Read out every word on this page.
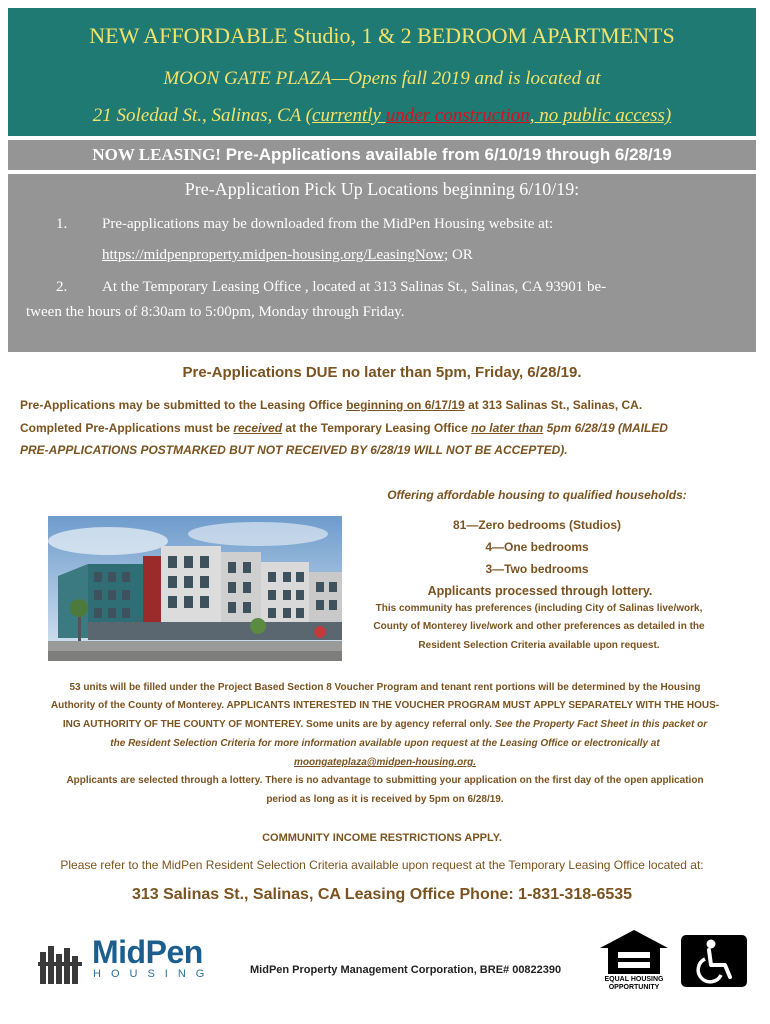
NEW AFFORDABLE Studio, 1 & 2 BEDROOM APARTMENTS
MOON GATE PLAZA—Opens fall 2019 and is located at
21 Soledad St., Salinas, CA (currently under construction, no public access)
NOW LEASING! Pre-Applications available from 6/10/19 through 6/28/19
Pre-Application Pick Up Locations beginning 6/10/19:
1. Pre-applications may be downloaded from the MidPen Housing website at:
https://midpenproperty.midpen-housing.org/LeasingNow; OR
2. At the Temporary Leasing Office , located at 313 Salinas St., Salinas, CA 93901 be-
tween the hours of 8:30am to 5:00pm, Monday through Friday.
Pre-Applications DUE no later than 5pm, Friday, 6/28/19.
Pre-Applications may be submitted to the Leasing Office beginning on 6/17/19 at 313 Salinas St., Salinas, CA.
Completed Pre-Applications must be received at the Temporary Leasing Office no later than 5pm 6/28/19 (MAILED
PRE-APPLICATIONS POSTMARKED BUT NOT RECEIVED BY 6/28/19 WILL NOT BE ACCEPTED).
Offering affordable housing to qualified households:
81—Zero bedrooms (Studios)
4—One bedrooms
3—Two bedrooms
Applicants processed through lottery.
This community has preferences (including City of Salinas live/work,
County of Monterey live/work and other preferences as detailed in the
Resident Selection Criteria available upon request.
53 units will be filled under the Project Based Section 8 Voucher Program and tenant rent portions will be determined by the Housing
Authority of the County of Monterey. APPLICANTS INTERESTED IN THE VOUCHER PROGRAM MUST APPLY SEPARATELY WITH THE HOUS-
ING AUTHORITY OF THE COUNTY OF MONTEREY. Some units are by agency referral only. See the Property Fact Sheet in this packet or
the Resident Selection Criteria for more information available upon request at the Leasing Office or electronically at
moongateplaza@midpen-housing.org.
Applicants are selected through a lottery. There is no advantage to submitting your application on the first day of the open application
period as long as it is received by 5pm on 6/28/19.
COMMUNITY INCOME RESTRICTIONS APPLY.
Please refer to the MidPen Resident Selection Criteria available upon request at the Temporary Leasing Office located at:
313 Salinas St., Salinas, CA Leasing Office Phone: 1-831-318-6535
MidPen
HOUSING	MidPen Property Management Corporation, BRE# 00822390
EQUAL HOUSING
OPPORTUNITY
